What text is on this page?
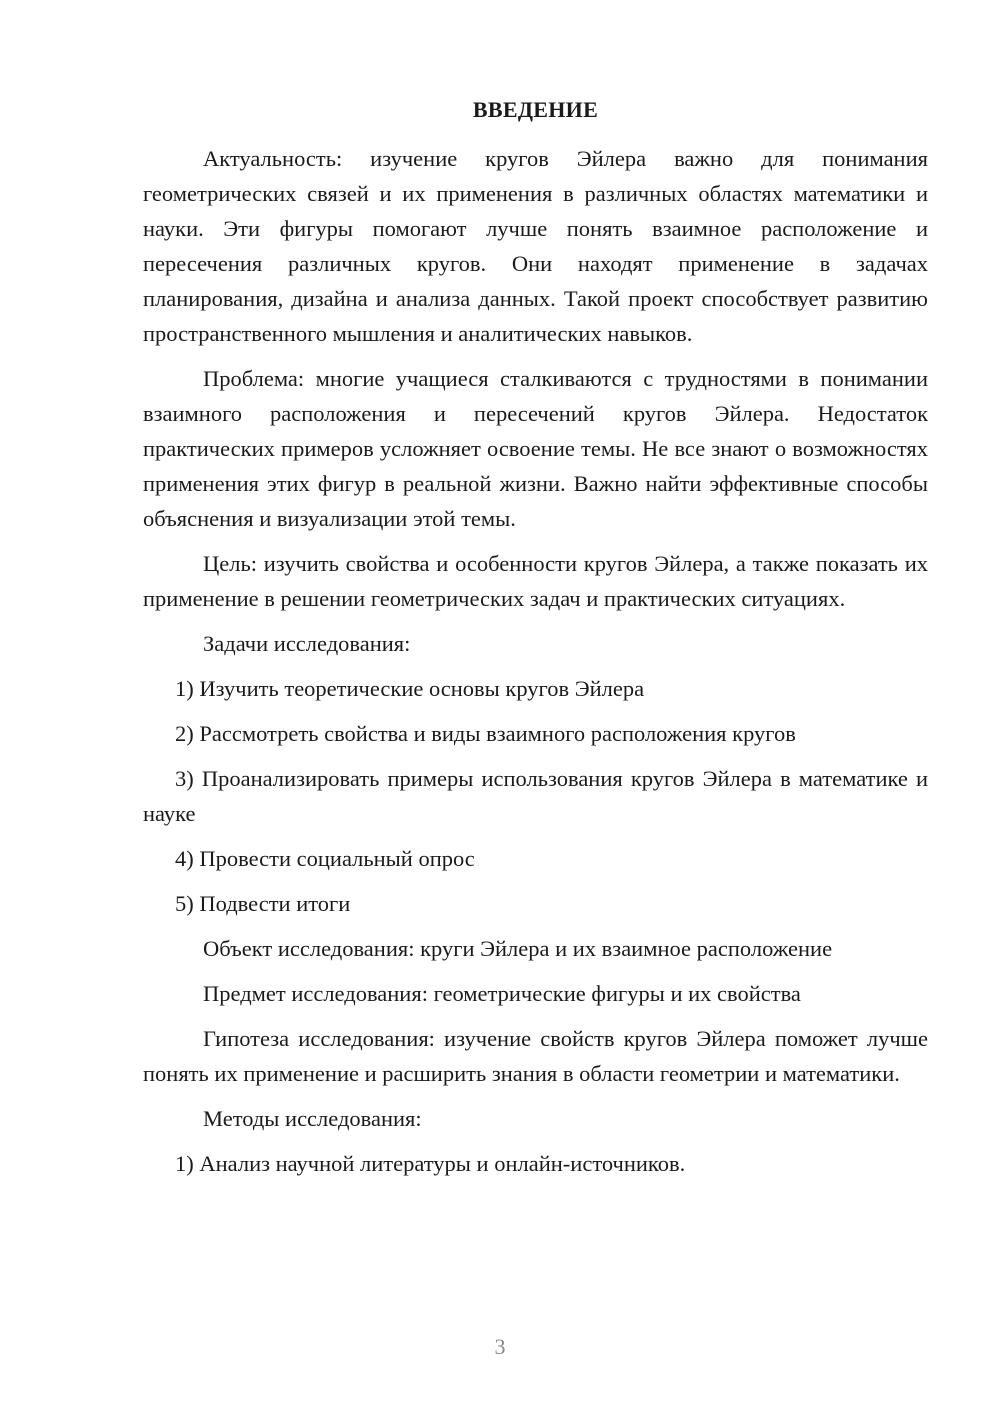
ВВЕДЕНИЕ

Актуальность: изучение кругов Эйлера важно для понимания геометрических связей и их применения в различных областях математики и науки. Эти фигуры помогают лучше понять взаимное расположение и пересечения различных кругов. Они находят применение в задачах планирования, дизайна и анализа данных. Такой проект способствует развитию пространственного мышления и аналитических навыков.

Проблема: многие учащиеся сталкиваются с трудностями в понимании взаимного расположения и пересечений кругов Эйлера. Недостаток практических примеров усложняет освоение темы. Не все знают о возможностях применения этих фигур в реальной жизни. Важно найти эффективные способы объяснения и визуализации этой темы.

Цель: изучить свойства и особенности кругов Эйлера, а также показать их применение в решении геометрических задач и практических ситуациях.

Задачи исследования:

1) Изучить теоретические основы кругов Эйлера

2) Рассмотреть свойства и виды взаимного расположения кругов

3) Проанализировать примеры использования кругов Эйлера в математике и науке

4) Провести социальный опрос

5) Подвести итоги

Объект исследования: круги Эйлера и их взаимное расположение

Предмет исследования: геометрические фигуры и их свойства

Гипотеза исследования: изучение свойств кругов Эйлера поможет лучше понять их применение и расширить знания в области геометрии и математики.

Методы исследования:

1) Анализ научной литературы и онлайн-источников.

3
